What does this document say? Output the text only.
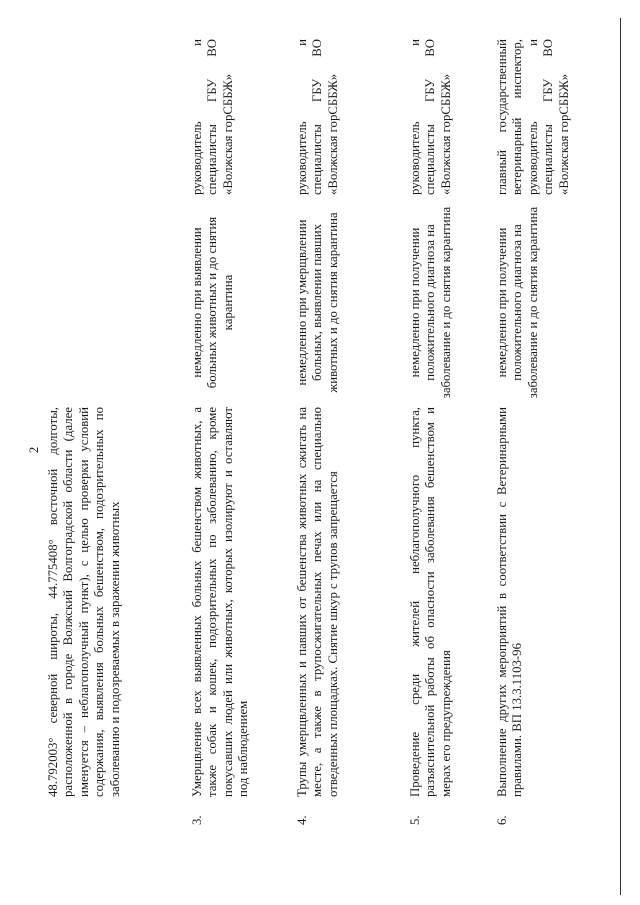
2 48.792003° северной широты, 44.775408° восточной долготы, расположенной в городе Волжский Волгоградской области (далее именуется – неблагополучный пункт), с целью проверки условий содержания, выявления больных бешенством, подозрительных по заболеванию и подозреваемых в заражении животных
3.
Умерщвление всех выявленных больных бешенством животных, а также собак и кошек, подозрительных по заболеванию, кроме покусавших людей или животных, которых изолируют и оставляют под наблюдением
немедленно при выявлении больных животных и до снятия карантина
руководитель и специалисты ГБУ ВО «Волжская горСББЖ»
4.
Трупы умерщвленных и павших от бешенства животных сжигать на месте, а также в трупосжигательных печах или на специально отведенных площадках. Снятие шкур с трупов запрещается
немедленно при умерщвлении больных, выявлении павших животных и до снятия карантина
руководитель и специалисты ГБУ ВО «Волжская горСББЖ»
5.
Проведение среди жителей неблагополучного пункта, разъяснительной работы об опасности заболевания бешенством и мерах его предупреждения
немедленно при получении положительного диагноза на заболевание и до снятия карантина
руководитель и специалисты ГБУ ВО «Волжская горСББЖ»
6.
Выполнение других мероприятий в соответствии с Ветеринарными правилами. ВП 13.3.1103-96
немедленно при получении положительного диагноза на заболевание и до снятия карантина
главный государственный ветеринарный инспектор, руководитель и специалисты ГБУ ВО «Волжская горСББЖ»
